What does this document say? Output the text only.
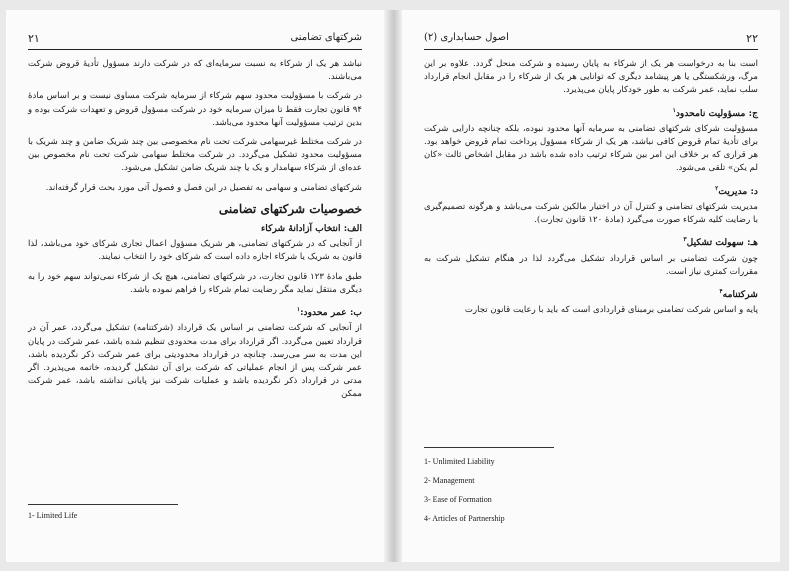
۲۱	شرکتهای تضامنی

نباشد هر یک از شرکاء به نسبت سرمایه‌ای که در شرکت دارند مسؤول تأدیهٔ قروض شرکت می‌باشند.

در شرکت با مسؤولیت محدود سهم شرکاء از سرمایه شرکت مساوی نیست و بر اساس مادهٔ ۹۴ قانون تجارت فقط تا میزان سرمایه خود در شرکت مسؤول قروض و تعهدات شرکت بوده و بدین ترتیب مسؤولیت آنها محدود می‌باشد.

در شرکت مختلط غیرسهامی شرکت تحت نام مخصوصی بین چند شریک ضامن و چند شریک با مسؤولیت محدود تشکیل می‌گردد. در شرکت مختلط سهامی شرکت تحت نام مخصوص بین عده‌ای از شرکاء سهامدار و یک یا چند شریک ضامن تشکیل می‌شود.

شرکتهای تضامنی و سهامی به تفصیل در این فصل و فصول آتی مورد بحث قرار گرفته‌اند.

خصوصیات شرکتهای تضامنی
الف: انتخاب آزادانهٔ شرکاء

از آنجایی که در شرکتهای تضامنی، هر شریک مسؤول اعمال تجاری شرکای خود می‌باشد، لذا قانون به شریک یا شرکاء اجازه داده است که شرکای خود را انتخاب نمایند.

طبق مادهٔ ۱۲۳ قانون تجارت، در شرکتهای تضامنی، هیچ یک از شرکاء نمی‌تواند سهم خود را به دیگری منتقل نماید مگر رضایت تمام شرکاء را فراهم نموده باشد.

ب: عمر محدود:$^۱$

از آنجایی که شرکت تضامنی بر اساس یک قرارداد (شرکتنامه) تشکیل می‌گردد، عمر آن در قرارداد تعیین می‌گردد. اگر قرارداد برای مدت محدودی تنظیم شده باشد، عمر شرکت در پایان این مدت به سر می‌رسد. چنانچه در قرارداد محدودیتی برای عمر شرکت ذکر نگردیده باشد، عمر شرکت پس از انجام عملیاتی که شرکت برای آن تشکیل گردیده، خاتمه می‌پذیرد. اگر مدتی در قرارداد ذکر نگردیده باشد و عملیات شرکت نیز پایانی نداشته باشد، عمر شرکت ممکن

1- Limited Life
اصول حسابداری (۲)	۲۲

است بنا به درخواست هر یک از شرکاء به پایان رسیده و شرکت منحل گردد. علاوه بر این مرگ، ورشکستگی یا هر پیشامد دیگری که توانایی هر یک از شرکاء را در مقابل انجام قرارداد سلب نماید، عمر شرکت به طور خودکار پایان می‌پذیرد.

ج: مسؤولیت نامحدود$^۱$

مسؤولیت شرکای شرکتهای تضامنی به سرمایه آنها محدود نبوده، بلکه چنانچه دارایی شرکت برای تأدیهٔ تمام قروض کافی نباشد، هر یک از شرکاء مسؤول پرداخت تمام قروض خواهد بود. هر قراری که بر خلاف این امر بین شرکاء ترتیب داده شده باشد در مقابل اشخاص ثالث «کان لم یکن» تلقی می‌شود.

د: مدیریت$^۲$

مدیریت شرکتهای تضامنی و کنترل آن در اختیار مالکین شرکت می‌باشد و هرگونه تصمیم‌گیری با رضایت کلیه شرکاء صورت می‌گیرد (مادهٔ ۱۲۰ قانون تجارت).

هـ: سهولت تشکیل$^۳$

چون شرکت تضامنی بر اساس قرارداد تشکیل می‌گردد لذا در هنگام تشکیل شرکت به مقررات کمتری نیاز است.

شرکتنامه$^۴$

پایه و اساس شرکت تضامنی برمبنای قراردادی است که باید با رعایت قانون تجارت

1- Unlimited Liability
2- Management
3- Ease of Formation
4- Articles of Partnership
